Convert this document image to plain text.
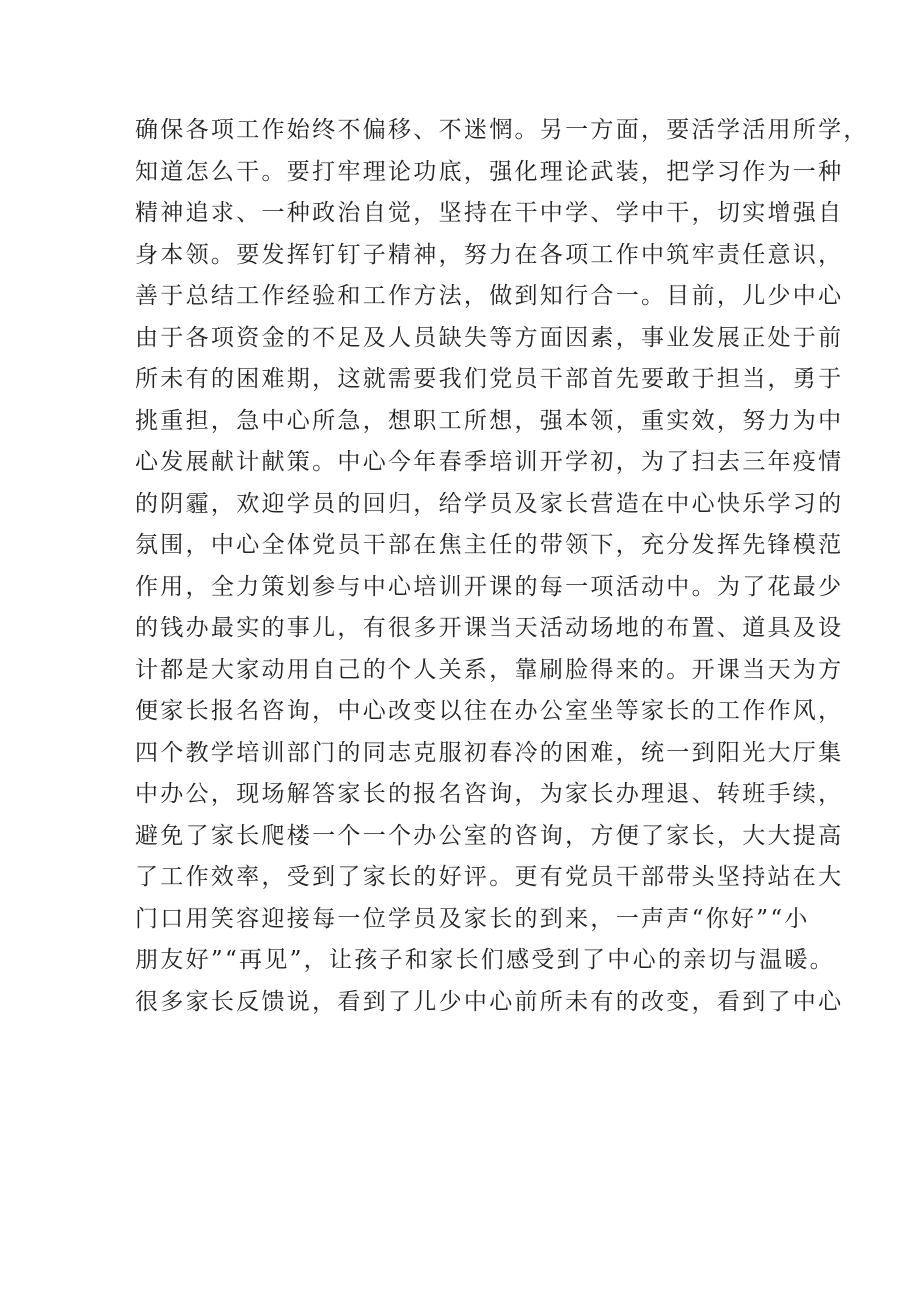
确保各项工作始终不偏移、不迷惘。另一方面，要活学活用所学，
知道怎么干。要打牢理论功底，强化理论武装，把学习作为一种
精神追求、一种政治自觉，坚持在干中学、学中干，切实增强自
身本领。要发挥钉钉子精神，努力在各项工作中筑牢责任意识，
善于总结工作经验和工作方法，做到知行合一。目前，儿少中心
由于各项资金的不足及人员缺失等方面因素，事业发展正处于前
所未有的困难期，这就需要我们党员干部首先要敢于担当，勇于
挑重担，急中心所急，想职工所想，强本领，重实效，努力为中
心发展献计献策。中心今年春季培训开学初，为了扫去三年疫情
的阴霾，欢迎学员的回归，给学员及家长营造在中心快乐学习的
氛围，中心全体党员干部在焦主任的带领下，充分发挥先锋模范
作用，全力策划参与中心培训开课的每一项活动中。为了花最少
的钱办最实的事儿，有很多开课当天活动场地的布置、道具及设
计都是大家动用自己的个人关系，靠刷脸得来的。开课当天为方
便家长报名咨询，中心改变以往在办公室坐等家长的工作作风，
四个教学培训部门的同志克服初春冷的困难，统一到阳光大厅集
中办公，现场解答家长的报名咨询，为家长办理退、转班手续，
避免了家长爬楼一个一个办公室的咨询，方便了家长，大大提高
了工作效率，受到了家长的好评。更有党员干部带头坚持站在大
门口用笑容迎接每一位学员及家长的到来，一声声“你好”“小
朋友好”“再见”，让孩子和家长们感受到了中心的亲切与温暖。
很多家长反馈说，看到了儿少中心前所未有的改变，看到了中心
